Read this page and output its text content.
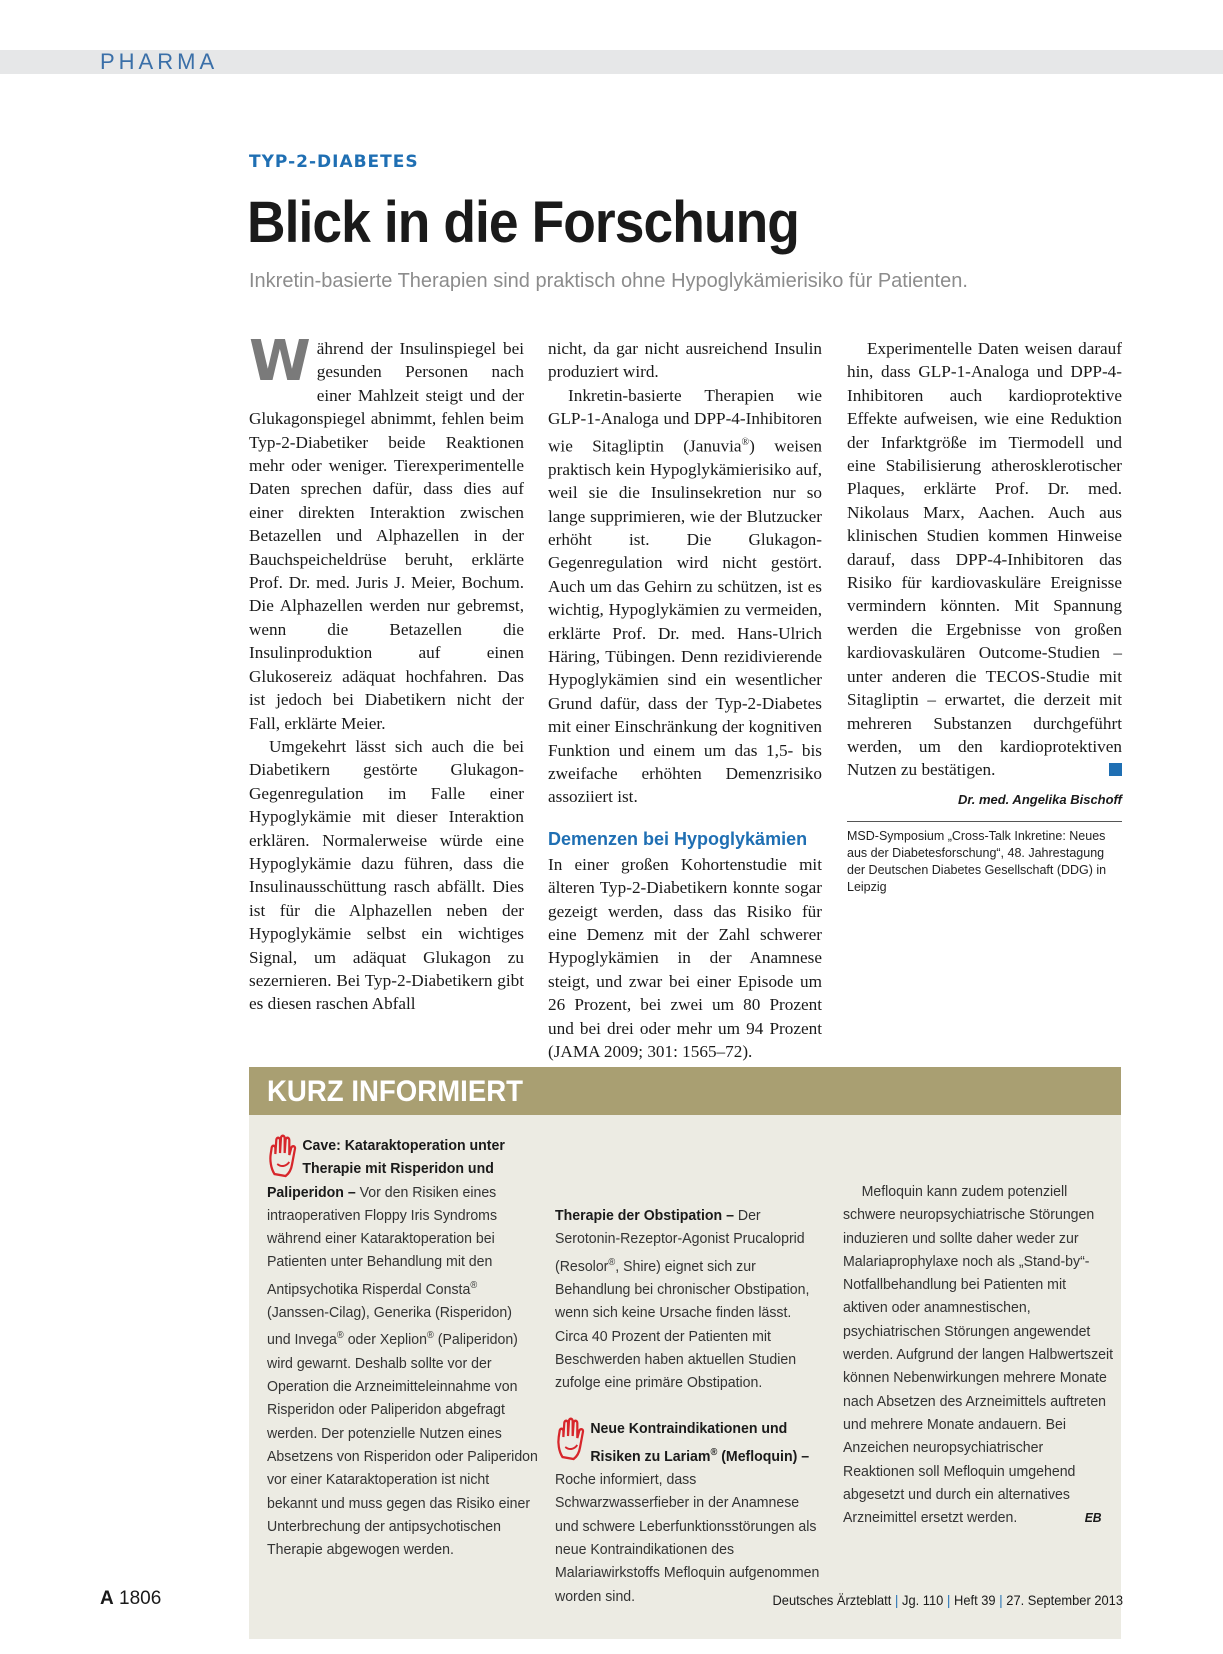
PHARMA
TYP-2-DIABETES
Blick in die Forschung
Inkretin-basierte Therapien sind praktisch ohne Hypoglykämierisiko für Patienten.

Während der Insulinspiegel bei gesunden Personen nach einer Mahlzeit steigt und der Glukagonspiegel abnimmt, fehlen beim Typ-2-Diabetiker beide Reaktionen mehr oder weniger. Tierexperimentelle Daten sprechen dafür, dass dies auf einer direkten Interaktion zwischen Betazellen und Alphazellen in der Bauchspeicheldrüse beruht, erklärte Prof. Dr. med. Juris J. Meier, Bochum. Die Alphazellen werden nur gebremst, wenn die Betazellen die Insulinproduktion auf einen Glukosereiz adäquat hochfahren. Das ist jedoch bei Diabetikern nicht der Fall, erklärte Meier.

Umgekehrt lässt sich auch die bei Diabetikern gestörte Glukagon-Gegenregulation im Falle einer Hypoglykämie mit dieser Interaktion erklären. Normalerweise würde eine Hypoglykämie dazu führen, dass die Insulinausschüttung rasch abfällt. Dies ist für die Alphazellen neben der Hypoglykämie selbst ein wichtiges Signal, um adäquat Glukagon zu sezernieren. Bei Typ-2-Diabetikern gibt es diesen raschen Abfall

nicht, da gar nicht ausreichend Insulin produziert wird.

Inkretin-basierte Therapien wie GLP-1-Analoga und DPP-4-Inhibitoren wie Sitagliptin (Januvia®) weisen praktisch kein Hypoglykämierisiko auf, weil sie die Insulinsekretion nur so lange supprimieren, wie der Blutzucker erhöht ist. Die Glukagon-Gegenregulation wird nicht gestört. Auch um das Gehirn zu schützen, ist es wichtig, Hypoglykämien zu vermeiden, erklärte Prof. Dr. med. Hans-Ulrich Häring, Tübingen. Denn rezidivierende Hypoglykämien sind ein wesentlicher Grund dafür, dass der Typ-2-Diabetes mit einer Einschränkung der kognitiven Funktion und einem um das 1,5- bis zweifache erhöhten Demenzrisiko assoziiert ist.

Demenzen bei Hypoglykämien

In einer großen Kohortenstudie mit älteren Typ-2-Diabetikern konnte sogar gezeigt werden, dass das Risiko für eine Demenz mit der Zahl schwerer Hypoglykämien in der Anamnese steigt, und zwar bei einer Episode um 26 Prozent, bei zwei um 80 Prozent und bei drei oder mehr um 94 Prozent (JAMA 2009; 301: 1565–72).

Experimentelle Daten weisen darauf hin, dass GLP-1-Analoga und DPP-4-Inhibitoren auch kardioprotektive Effekte aufweisen, wie eine Reduktion der Infarktgröße im Tiermodell und eine Stabilisierung atherosklerotischer Plaques, erklärte Prof. Dr. med. Nikolaus Marx, Aachen. Auch aus klinischen Studien kommen Hinweise darauf, dass DPP-4-Inhibitoren das Risiko für kardiovaskuläre Ereignisse vermindern könnten. Mit Spannung werden die Ergebnisse von großen kardiovaskulären Outcome-Studien – unter anderen die TECOS-Studie mit Sitagliptin – erwartet, die derzeit mit mehreren Substanzen durchgeführt werden, um den kardioprotektiven Nutzen zu bestätigen.

Dr. med. Angelika Bischoff
MSD-Symposium „Cross-Talk Inkretine: Neues aus der Diabetesforschung“, 48. Jahrestagung der Deutschen Diabetes Gesellschaft (DDG) in Leipzig
KURZ INFORMIERT

Cave: Kataraktoperation unter Therapie mit Risperidon und Paliperidon – Vor den Risiken eines intraoperativen Floppy Iris Syndroms während einer Kataraktoperation bei Patienten unter Behandlung mit den Antipsychotika Risperdal Consta® (Janssen-Cilag), Generika (Risperidon) und Invega® oder Xeplion® (Paliperidon) wird gewarnt. Deshalb sollte vor der Operation die Arzneimitteleinnahme von Risperidon oder Paliperidon abgefragt werden. Der potenzielle Nutzen eines Absetzens von Risperidon oder Paliperidon vor einer Kataraktoperation ist nicht bekannt und muss gegen das Risiko einer Unterbrechung der antipsychotischen Therapie abgewogen werden.

Therapie der Obstipation – Der Serotonin-Rezeptor-Agonist Prucaloprid (Resolor®, Shire) eignet sich zur Behandlung bei chronischer Obstipation, wenn sich keine Ursache finden lässt. Circa 40 Prozent der Patienten mit Beschwerden haben aktuellen Studien zufolge eine primäre Obstipation.

Neue Kontraindikationen und Risiken zu Lariam® (Mefloquin) – Roche informiert, dass Schwarzwasserfieber in der Anamnese und schwere Leberfunktionsstörungen als neue Kontraindikationen des Malariawirkstoffs Mefloquin aufgenommen worden sind.

Mefloquin kann zudem potenziell schwere neuropsychiatrische Störungen induzieren und sollte daher weder zur Malariaprophylaxe noch als „Stand-by“-Notfallbehandlung bei Patienten mit aktiven oder anamnestischen, psychiatrischen Störungen angewendet werden. Aufgrund der langen Halbwertszeit können Nebenwirkungen mehrere Monate nach Absetzen des Arzneimittels auftreten und mehrere Monate andauern. Bei Anzeichen neuropsychiatrischer Reaktionen soll Mefloquin umgehend abgesetzt und durch ein alternatives Arzneimittel ersetzt werden.	EB

A 1806	Deutsches Ärzteblatt | Jg. 110 | Heft 39 | 27. September 2013
